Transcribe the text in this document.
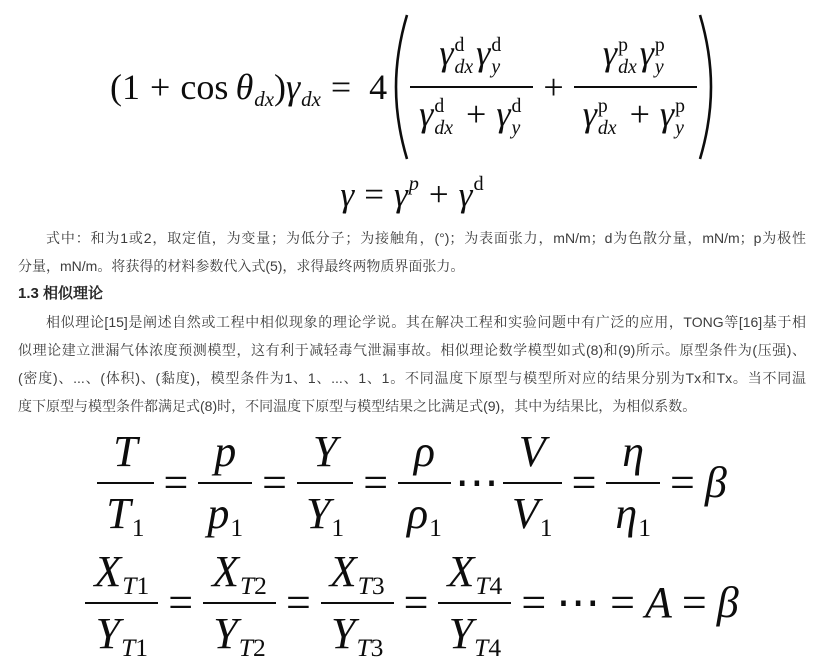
(1 + cos  θdx)γdx = 4 γ d
dx γ d
y
γ d
dx + γ d
y + γ p
dx γ p
y
γ p
dx + γ p
y
γ = γ p + γ d
式中：和为1或2，取定值，为变量；为低分子；为接触角，(°)；为表面张力，mN/m；d为色散分量，mN/m；p为极性
分量，mN/m。将获得的材料参数代入式(5)，求得最终两物质界面张力。
1.3 相似理论
相似理论[15]是阐述自然或工程中相似现象的理论学说。其在解决工程和实验问题中有广泛的应用，TONG等[16]基于相
似理论建立泄漏气体浓度预测模型，这有利于减轻毒气泄漏事故。相似理论数学模型如式(8)和(9)所示。原型条件为(压强)、
(密度)、...、(体积)、(黏度)，模型条件为1、1、...、1、1。不同温度下原型与模型所对应的结果分别为Tx和Tx。当不同温
度下原型与模型条件都满足式(8)时，不同温度下原型与模型结果之比满足式(9)，其中为结果比，为相似系数。
$\frac{T}{T1} = \frac{p}{p1} = \frac{Y}{Y1} = \frac{\rho}{\rho 1}$ ⋯ $\frac{V}{V1} = \frac{\eta}{\eta 1} = \beta$
$\frac{XT1}{YT1} = \frac{XT2}{YT2} = \frac{XT3}{YT3} = \frac{XT4}{YT4}$ = ⋯ = A = β
